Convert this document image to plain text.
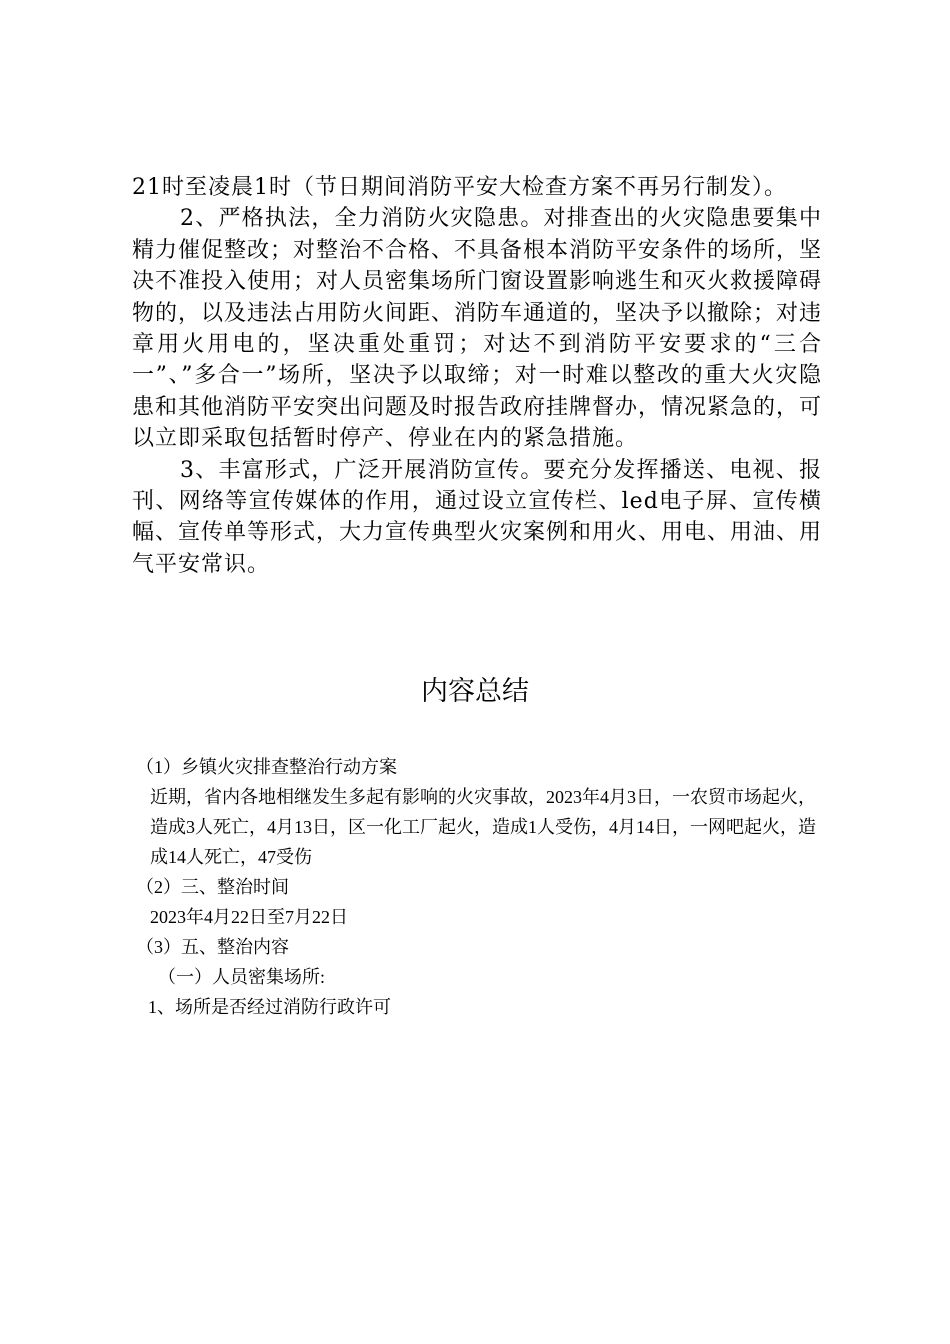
21时至凌晨1时（节日期间消防平安大检查方案不再另行制发）。

2、严格执法，全力消防火灾隐患。对排查出的火灾隐患要集中精力催促整改；对整治不合格、不具备根本消防平安条件的场所，坚决不准投入使用；对人员密集场所门窗设置影响逃生和灭火救援障碍物的，以及违法占用防火间距、消防车通道的，坚决予以撤除；对违章用火用电的，坚决重处重罚；对达不到消防平安要求的“三合一”、”多合一”场所，坚决予以取缔；对一时难以整改的重大火灾隐患和其他消防平安突出问题及时报告政府挂牌督办，情况紧急的，可以立即采取包括暂时停产、停业在内的紧急措施。

3、丰富形式，广泛开展消防宣传。要充分发挥播送、电视、报刊、网络等宣传媒体的作用，通过设立宣传栏、led电子屏、宣传横幅、宣传单等形式，大力宣传典型火灾案例和用火、用电、用油、用气平安常识。

内容总结

（1）乡镇火灾排查整治行动方案

近期，省内各地相继发生多起有影响的火灾事故，2023年4月3日，一农贸市场起火，造成3人死亡，4月13日，区一化工厂起火，造成1人受伤，4月14日，一网吧起火，造成14人死亡，47受伤

（2）三、整治时间

2023年4月22日至7月22日

（3）五、整治内容

（一）人员密集场所:

1、场所是否经过消防行政许可
